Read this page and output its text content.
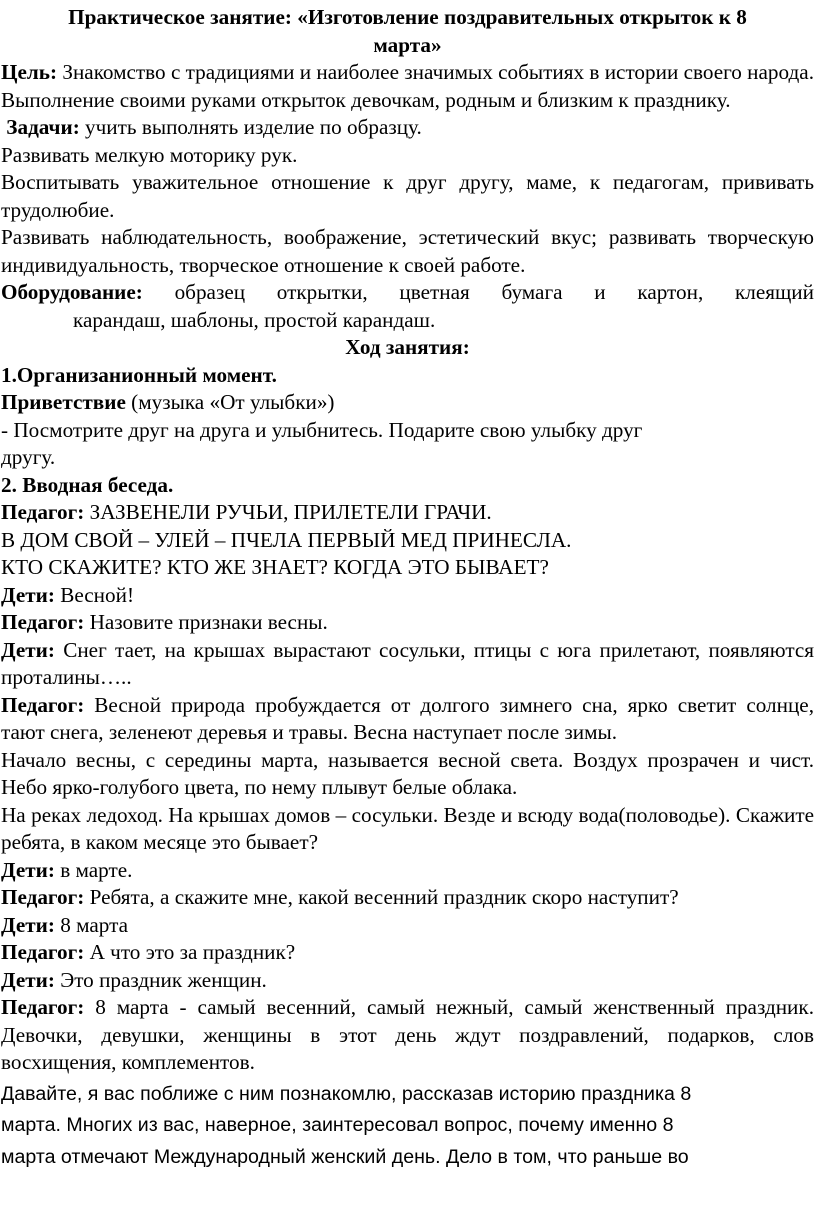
Практическое занятие: «Изготовление поздравительных открыток к 8
марта»
Цель: Знакомство с традициями и наиболее значимых событиях в истории своего народа. Выполнение своими руками открыток девочкам, родным и близким к празднику.
Задачи: учить выполнять изделие по образцу.
Развивать мелкую моторику рук.
Воспитывать уважительное отношение к друг другу, маме, к педагогам, прививать трудолюбие.
Развивать наблюдательность, воображение, эстетический вкус; развивать творческую индивидуальность, творческое отношение к своей работе.
Оборудование: образец открытки, цветная бумага и картон, клеящий
карандаш, шаблоны, простой карандаш.
Ход занятия:
1.Организанионный момент.
Приветствие (музыка «От улыбки»)
- Посмотрите друг на друга и улыбнитесь. Подарите свою улыбку друг
другу.
2. Вводная беседа.
Педагог: ЗАЗВЕНЕЛИ РУЧЬИ, ПРИЛЕТЕЛИ ГРАЧИ.
В ДОМ СВОЙ – УЛЕЙ – ПЧЕЛА ПЕРВЫЙ МЕД ПРИНЕСЛА.
КТО СКАЖИТЕ? КТО ЖЕ ЗНАЕТ? КОГДА ЭТО БЫВАЕТ?
Дети: Весной!
Педагог: Назовите признаки весны.
Дети: Снег тает, на крышах вырастают сосульки, птицы с юга прилетают, появляются проталины…..
Педагог: Весной природа пробуждается от долгого зимнего сна, ярко светит солнце, тают снега, зеленеют деревья и травы. Весна наступает после зимы.
Начало весны, с середины марта, называется весной света. Воздух прозрачен и чист. Небо ярко-голубого цвета, по нему плывут белые облака.
На реках ледоход. На крышах домов – сосульки. Везде и всюду вода(половодье). Скажите ребята, в каком месяце это бывает?
Дети: в марте.
Педагог: Ребята, а скажите мне, какой весенний праздник скоро наступит?
Дети: 8 марта
Педагог: А что это за праздник?
Дети: Это праздник женщин.
Педагог: 8 марта - самый весенний, самый нежный, самый женственный праздник. Девочки, девушки, женщины в этот день ждут поздравлений, подарков, слов восхищения, комплементов.
Давайте, я вас поближе с ним познакомлю, рассказав историю праздника 8
марта. Многих из вас, наверное, заинтересовал вопрос, почему именно 8
марта отмечают Международный женский день. Дело в том, что раньше во
